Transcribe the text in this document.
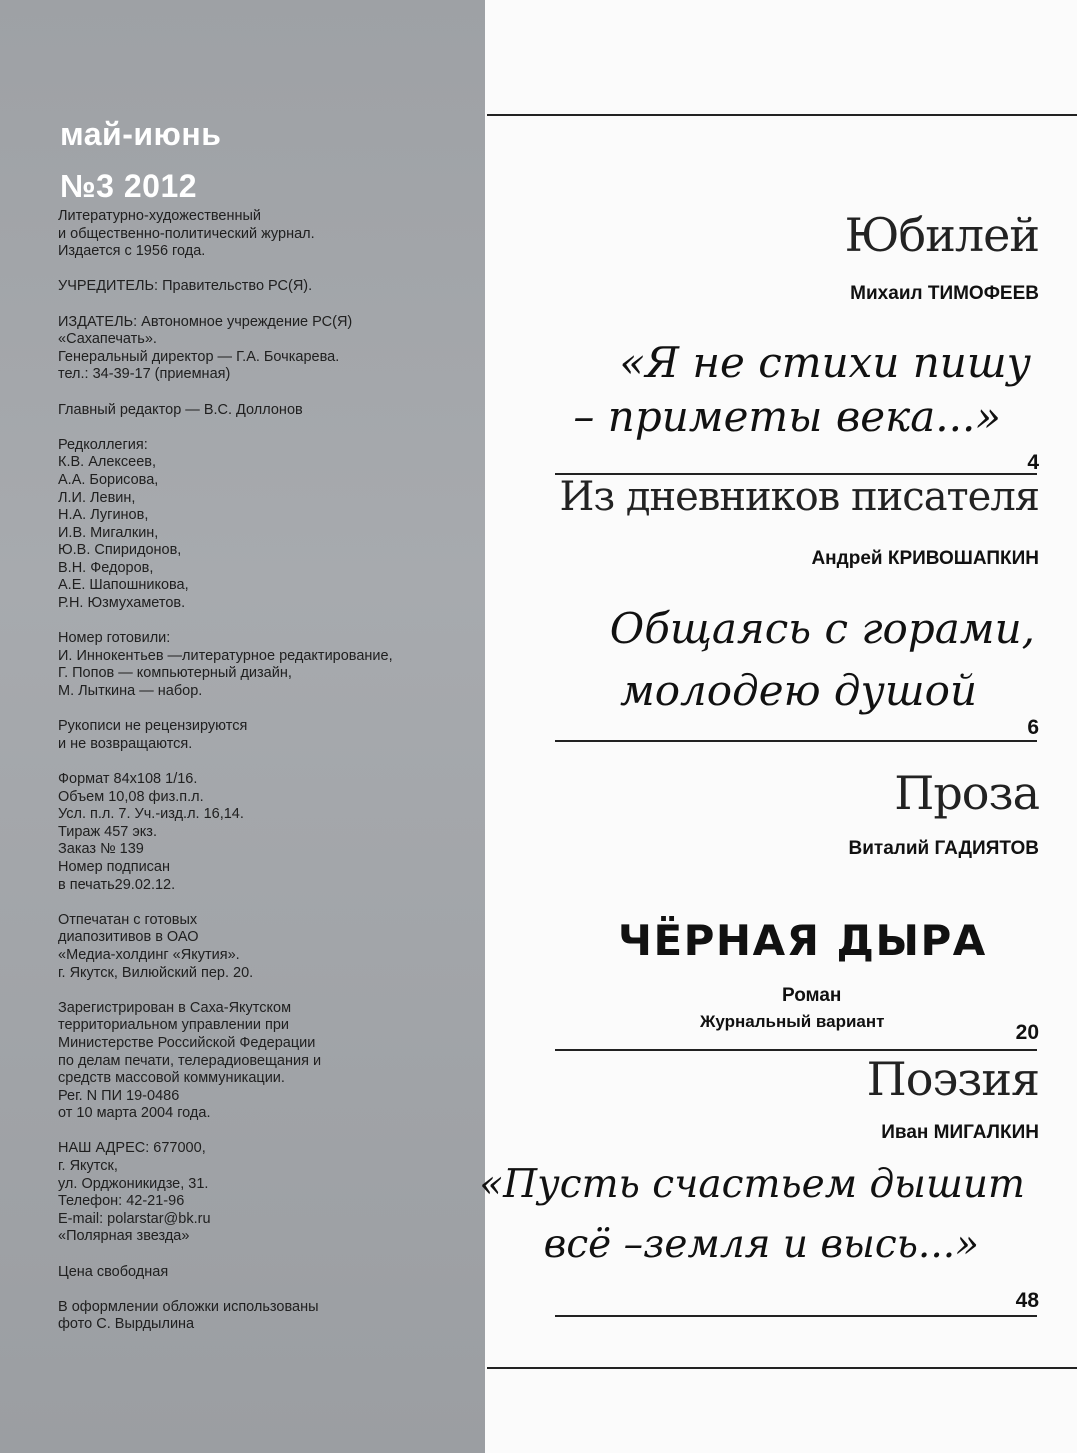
май-июнь
№3 2012
Литературно-художественный
и общественно-политический журнал.
Издается с 1956 года.
УЧРЕДИТЕЛЬ: Правительство РС(Я).
ИЗДАТЕЛЬ: Автономное учреждение РС(Я)
«Сахапечать».
Генеральный директор — Г.А. Бочкарева.
тел.: 34-39-17 (приемная)
Главный редактор — В.С. Доллонов
Редколлегия:
К.В. Алексеев,
А.А. Борисова,
Л.И. Левин,
Н.А. Лугинов,
И.В. Мигалкин,
Ю.В. Спиридонов,
В.Н. Федоров,
А.Е. Шапошникова,
Р.Н. Юзмухаметов.
Номер готовили:
И. Иннокентьев —литературное редактирование,
Г. Попов — компьютерный дизайн,
М. Лыткина — набор.
Рукописи не рецензируются
и не возвращаются.
Формат 84х108 1/16.
Объем 10,08 физ.п.л.
Усл. п.л. 7. Уч.-изд.л. 16,14.
Тираж 457 экз.
Заказ № 139
Номер подписан
в печать29.02.12.
Отпечатан с готовых
диапозитивов в ОАО
«Медиа-холдинг «Якутия».
г. Якутск, Вилюйский пер. 20.
Зарегистрирован в Саха-Якутском
территориальном управлении при
Министерстве Российской Федерации
по делам печати, телерадиовещания и
средств массовой коммуникации.
Рег. N ПИ 19-0486
от 10 марта 2004 года.
НАШ АДРЕС: 677000,
г. Якутск,
ул. Орджоникидзе, 31.
Телефон: 42-21-96
E-mail: polarstar@bk.ru
«Полярная звезда»
Цена свободная
В оформлении обложки использованы
фото С. Вырдылина
Юбилей
Михаил ТИМОФЕЕВ
«Я не стихи пишу
– приметы века...»
4
Из дневников писателя
Андрей КРИВОШАПКИН
Общаясь с горами,
молодею душой
6
Проза
Виталий ГАДИЯТОВ
ЧЁРНАЯ ДЫРА
Роман
Журнальный вариант	20
Поэзия
Иван МИГАЛКИН
«Пусть счастьем дышит
всё –земля и высь...»
48
